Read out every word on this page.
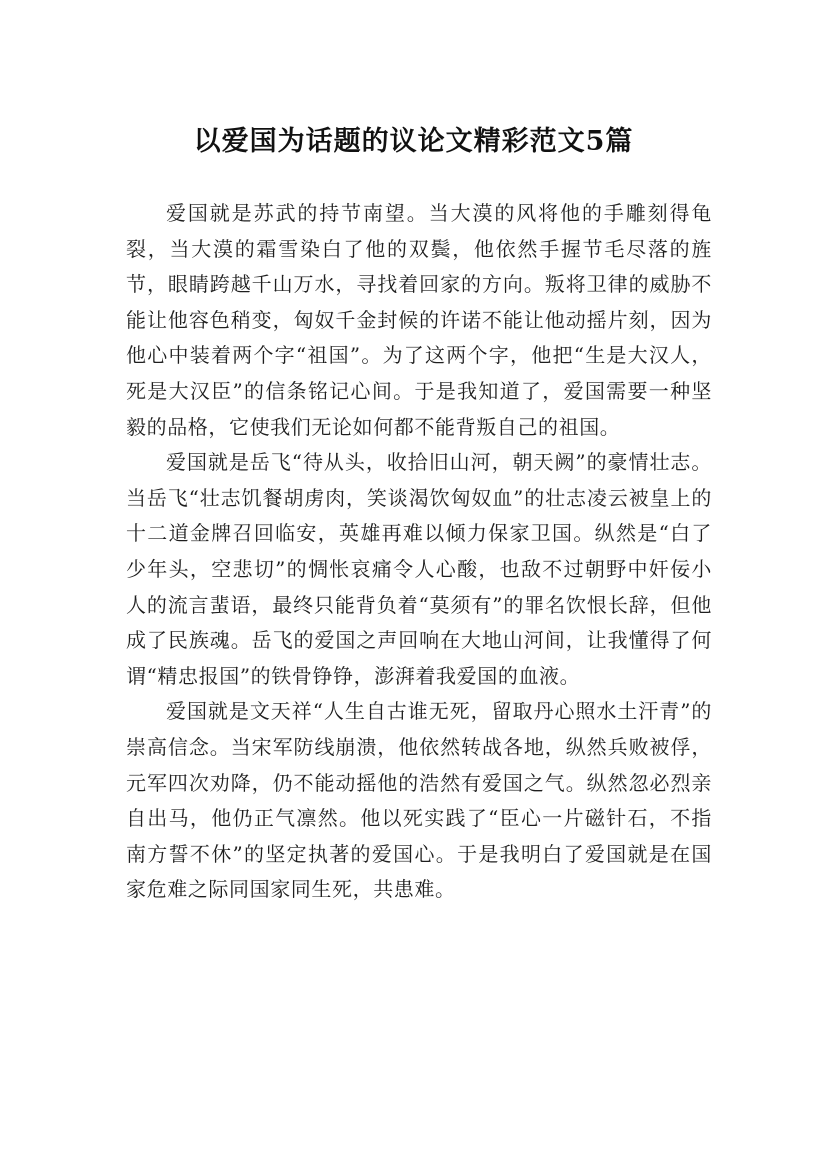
以爱国为话题的议论文精彩范文5篇

爱国就是苏武的持节南望。当大漠的风将他的手雕刻得龟裂，当大漠的霜雪染白了他的双鬓，他依然手握节毛尽落的旌节，眼睛跨越千山万水，寻找着回家的方向。叛将卫律的威胁不能让他容色稍变，匈奴千金封候的许诺不能让他动摇片刻，因为他心中装着两个字“祖国”。为了这两个字，他把“生是大汉人，死是大汉臣”的信条铭记心间。于是我知道了，爱国需要一种坚毅的品格，它使我们无论如何都不能背叛自己的祖国。

爱国就是岳飞“待从头，收拾旧山河，朝天阙”的豪情壮志。当岳飞“壮志饥餐胡虏肉，笑谈渴饮匈奴血”的壮志凌云被皇上的十二道金牌召回临安，英雄再难以倾力保家卫国。纵然是“白了少年头，空悲切”的惆怅哀痛令人心酸，也敌不过朝野中奸佞小人的流言蜚语，最终只能背负着“莫须有”的罪名饮恨长辞，但他成了民族魂。岳飞的爱国之声回响在大地山河间，让我懂得了何谓“精忠报国”的铁骨铮铮，澎湃着我爱国的血液。

爱国就是文天祥“人生自古谁无死，留取丹心照水土汗青”的崇高信念。当宋军防线崩溃，他依然转战各地，纵然兵败被俘，元军四次劝降，仍不能动摇他的浩然有爱国之气。纵然忽必烈亲自出马，他仍正气凛然。他以死实践了“臣心一片磁针石，不指南方誓不休”的坚定执著的爱国心。于是我明白了爱国就是在国家危难之际同国家同生死，共患难。
